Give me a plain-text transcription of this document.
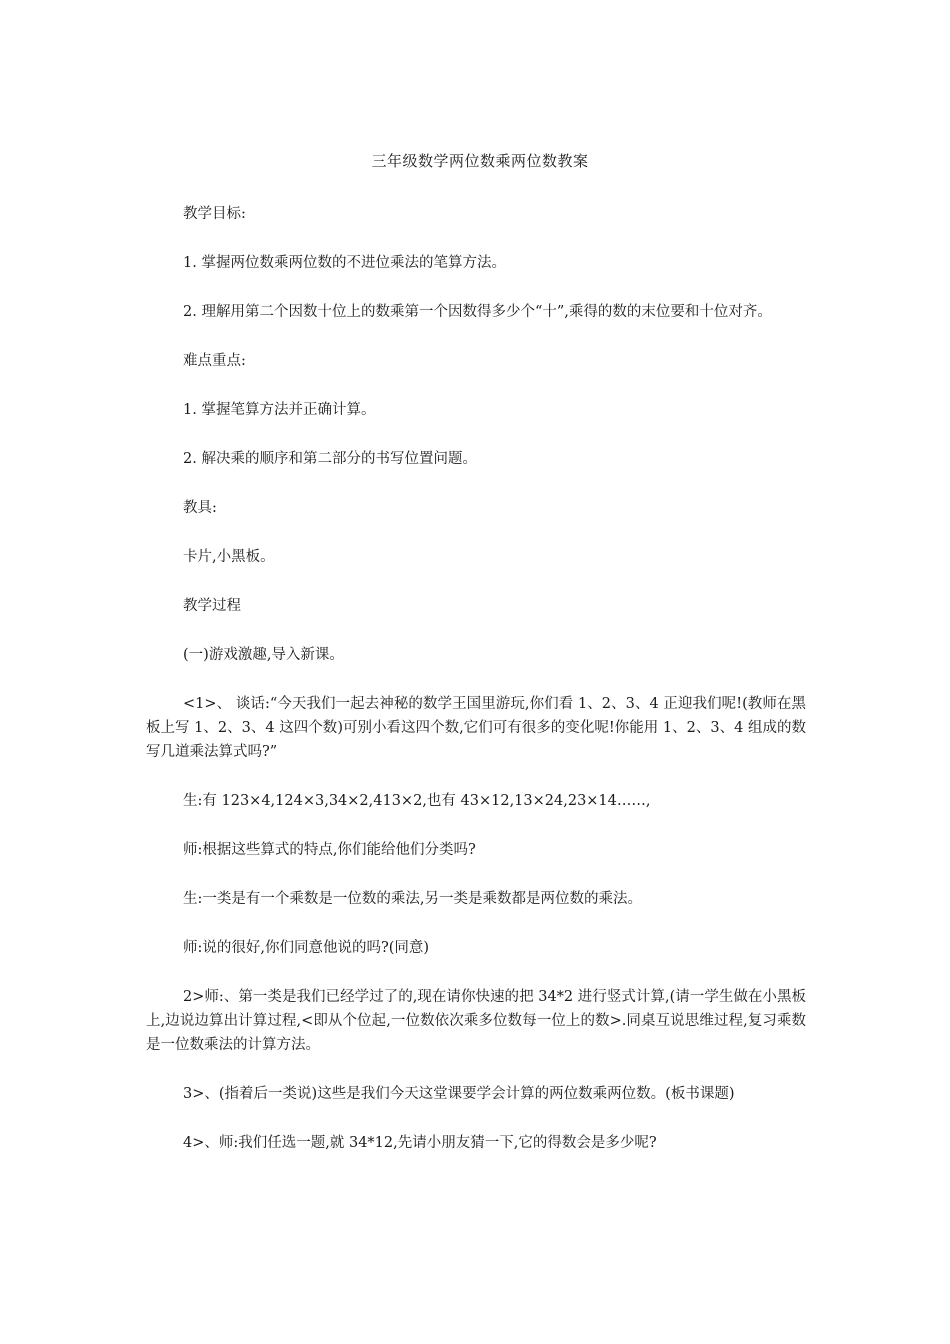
三年级数学两位数乘两位数教案

教学目标:

1. 掌握两位数乘两位数的不进位乘法的笔算方法。

2. 理解用第二个因数十位上的数乘第一个因数得多少个“十”,乘得的数的末位要和十位对齐。

难点重点:

1. 掌握笔算方法并正确计算。

2. 解决乘的顺序和第二部分的书写位置问题。

教具:

卡片,小黑板。

教学过程

(一)游戏激趣,导入新课。

<1>、 谈话:“今天我们一起去神秘的数学王国里游玩,你们看 1、2、3、4 正迎我们呢!(教师在黑板上写 1、2、3、4 这四个数)可别小看这四个数,它们可有很多的变化呢!你能用 1、2、3、4 组成的数写几道乘法算式吗?”

生:有 123×4,124×3,34×2,413×2,也有 43×12,13×24,23×14……,

师:根据这些算式的特点,你们能给他们分类吗?

生:一类是有一个乘数是一位数的乘法,另一类是乘数都是两位数的乘法。

师:说的很好,你们同意他说的吗?(同意)

2>师:、第一类是我们已经学过了的,现在请你快速的把 34*2 进行竖式计算,(请一学生做在小黑板上,边说边算出计算过程,<即从个位起,一位数依次乘多位数每一位上的数>.同桌互说思维过程,复习乘数是一位数乘法的计算方法。

3>、(指着后一类说)这些是我们今天这堂课要学会计算的两位数乘两位数。(板书课题)

4>、师:我们任选一题,就 34*12,先请小朋友猜一下,它的得数会是多少呢?
